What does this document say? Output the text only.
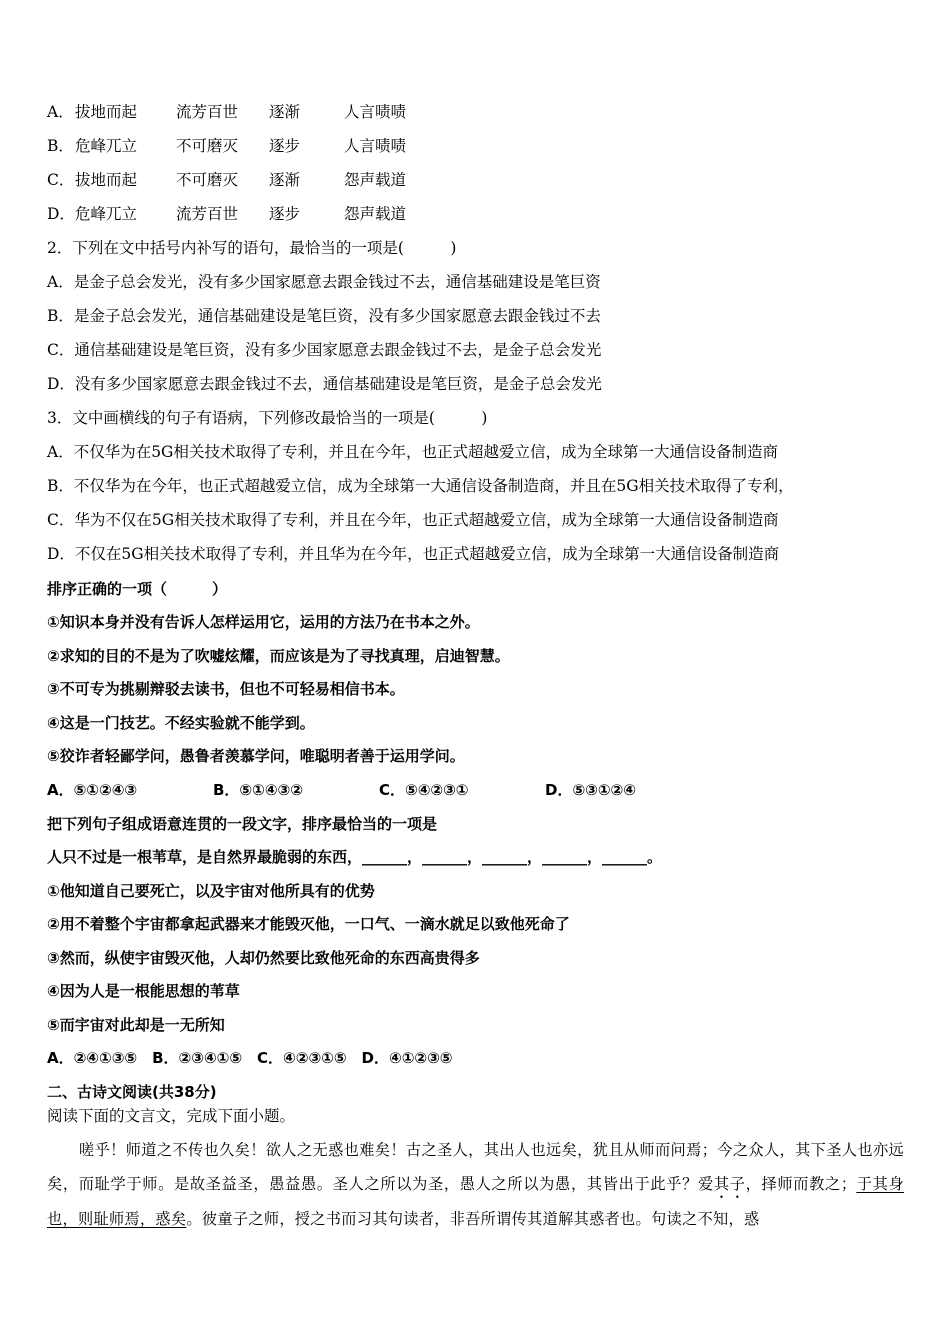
A．拔地而起	流芳百世 逐渐	人言啧啧
B．危峰兀立	不可磨灭 逐步	人言啧啧
C．拔地而起	不可磨灭 逐渐	怨声载道
D．危峰兀立	流芳百世 逐步	怨声载道
2．下列在文中括号内补写的语句，最恰当的一项是(　　　)
A．是金子总会发光，没有多少国家愿意去跟金钱过不去，通信基础建设是笔巨资
B．是金子总会发光，通信基础建设是笔巨资，没有多少国家愿意去跟金钱过不去
C．通信基础建设是笔巨资，没有多少国家愿意去跟金钱过不去，是金子总会发光
D．没有多少国家愿意去跟金钱过不去，通信基础建设是笔巨资，是金子总会发光
3．文中画横线的句子有语病，下列修改最恰当的一项是(　　　)
A．不仅华为在5G相关技术取得了专利，并且在今年，也正式超越爱立信，成为全球第一大通信设备制造商
B．不仅华为在今年，也正式超越爱立信，成为全球第一大通信设备制造商，并且在5G相关技术取得了专利，
C．华为不仅在5G相关技术取得了专利，并且在今年，也正式超越爱立信，成为全球第一大通信设备制造商
D．不仅在5G相关技术取得了专利，并且华为在今年，也正式超越爱立信，成为全球第一大通信设备制造商
排序正确的一项（　　　）
①知识本身并没有告诉人怎样运用它，运用的方法乃在书本之外。
②求知的目的不是为了吹嘘炫耀，而应该是为了寻找真理，启迪智慧。
③不可专为挑剔辩驳去读书，但也不可轻易相信书本。
④这是一门技艺。不经实验就不能学到。
⑤狡诈者轻鄙学问，愚鲁者羡慕学问，唯聪明者善于运用学问。
A．⑤①②④③	B．⑤①④③②	C．⑤④②③①	D．⑤③①②④
把下列句子组成语意连贯的一段文字，排序最恰当的一项是
人只不过是一根苇草，是自然界最脆弱的东西，______，______，______，______，______。
①他知道自己要死亡，以及宇宙对他所具有的优势
②用不着整个宇宙都拿起武器来才能毁灭他，一口气、一滴水就足以致他死命了
③然而，纵使宇宙毁灭他，人却仍然要比致他死命的东西高贵得多
④因为人是一根能思想的苇草
⑤而宇宙对此却是一无所知
A．②④①③⑤　B．②③④①⑤　C．④②③①⑤　D．④①②③⑤
二、古诗文阅读(共38分)
阅读下面的文言文，完成下面小题。
嗟乎！师道之不传也久矣！欲人之无惑也难矣！古之圣人，其出人也远矣，犹且从师而问焉；今之众人，其下圣人也亦远矣，而耻学于师。是故圣益圣，愚益愚。圣人之所以为圣，愚人之所以为愚，其皆出于此乎？爱其子，择师而教之；于其身也，则耻师焉，惑矣。彼童子之师，授之书而习其句读者，非吾所谓传其道解其惑者也。句读之不知，惑
